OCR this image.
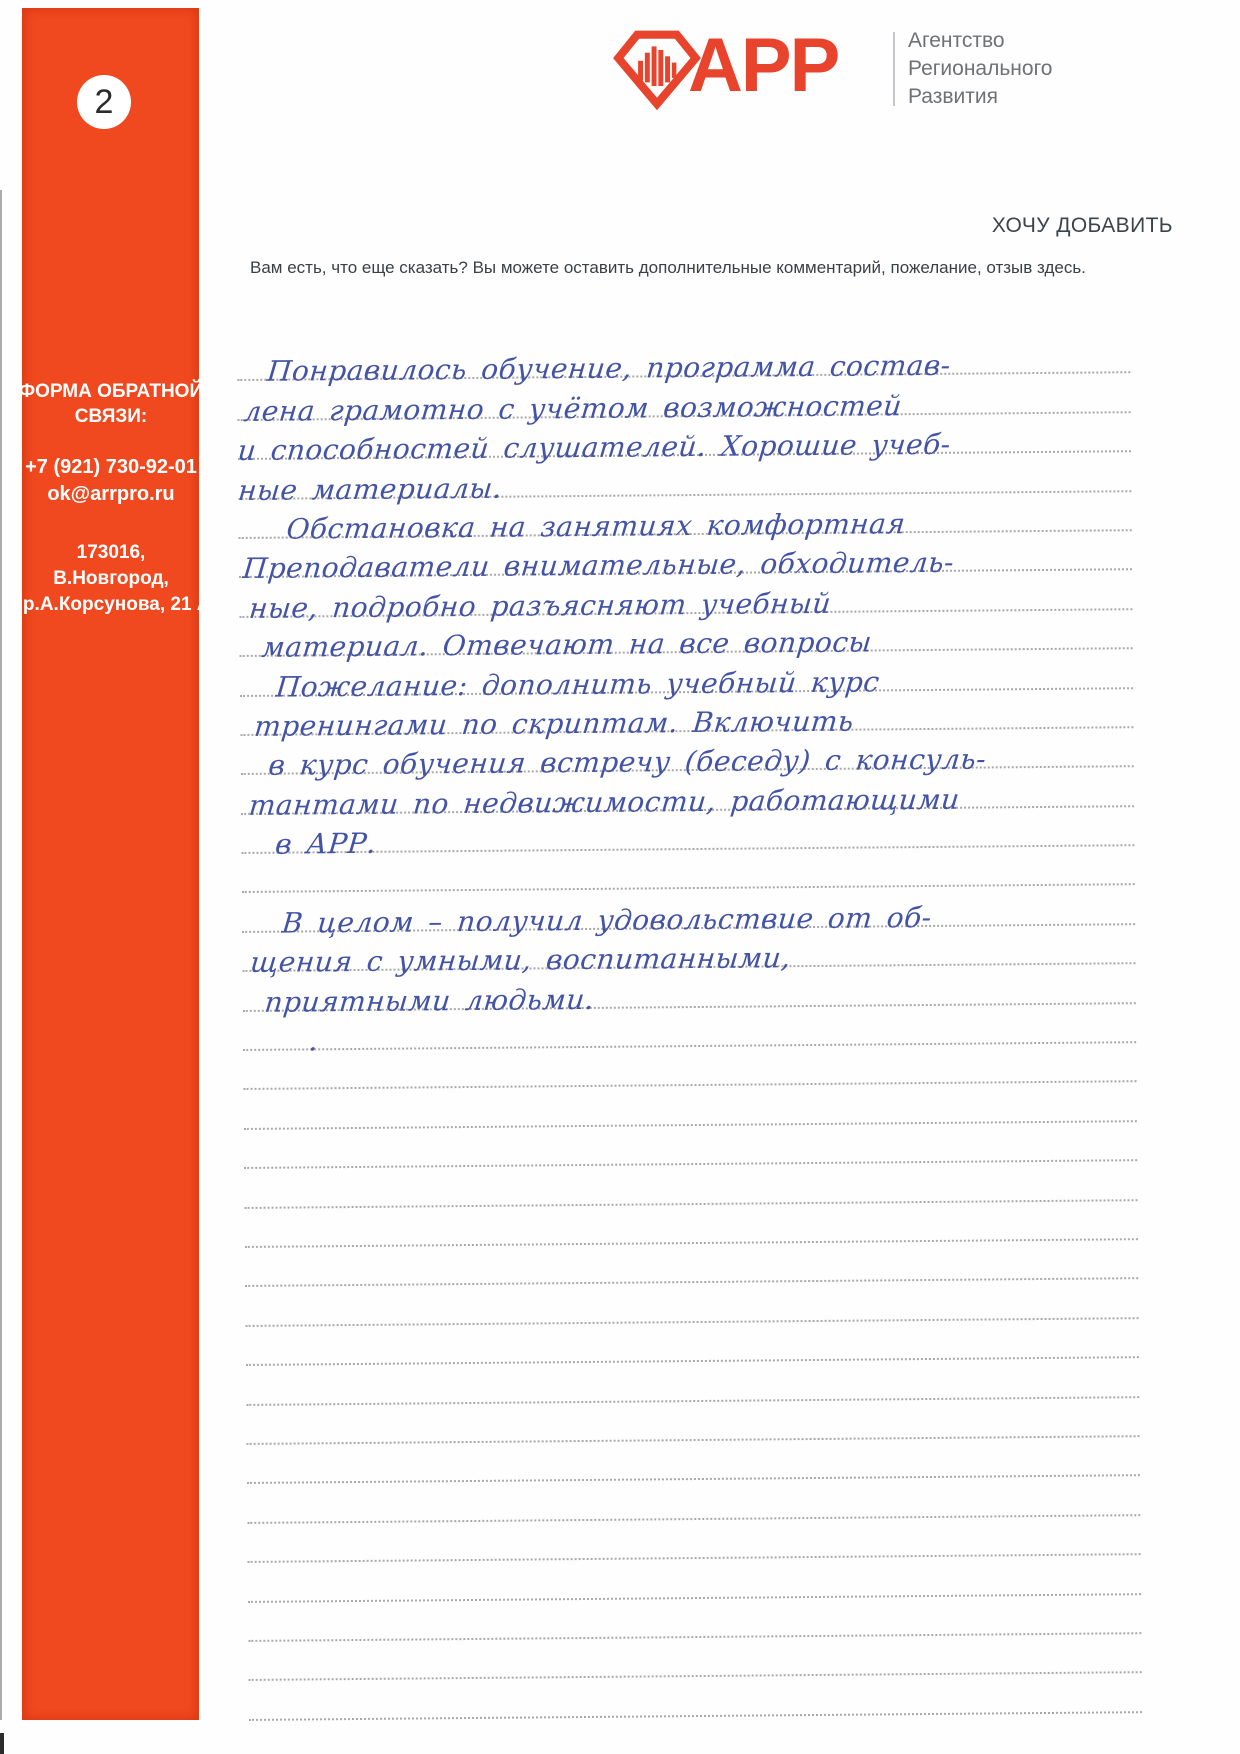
2
ФОРМА ОБРАТНОЙ СВЯЗИ:
+7 (921) 730-92-01
ok@arrpro.ru
173016,
В.Новгород,
пр.А.Корсунова, 21 А
АРР	Агентство
Регионального
Развития
ХОЧУ ДОБАВИТЬ
Вам есть, что еще сказать? Вы можете оставить дополнительные комментарий, пожелание, отзыв здесь.
Понравилось обучение, программа состав-
лена грамотно с учётом возможностей
и способностей слушателей. Хорошие учеб-
ные материалы.
Обстановка на занятиях комфортная
Преподаватели внимательные, обходитель-
ные, подробно разъясняют учебный
материал. Отвечают на все вопросы
Пожелание: дополнить учебный курс
тренингами по скриптам. Включить
в курс обучения встречу (беседу) с консуль-
тантами по недвижимости, работающими
в АРР.
В целом – получил удовольствие от об-
щения с умными, воспитанными,
приятными людьми.
.
